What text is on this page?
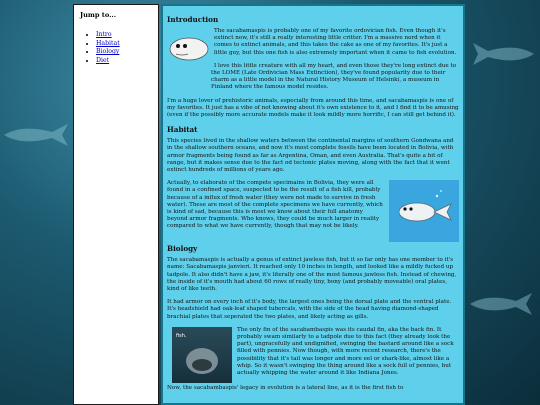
Jump to...
• Intro
• Habitat
• Biology
• Diet
Introduction

The sacabamaspis is probably one of my favorite ordovician fish. Even though it's extinct now, it's still a really interesting little critter. I'm a massive nerd when it comes to extinct animals, and this takes the cake as one of my favorites. It's just a little guy, but this one fish is also extremely important when it came to fish evolution.

I love this little creature with all my heart, and even those they're long extinct due to the LOME (Late Ordivician Mass Extinction), they've found popularity due to their charm as a little model in the Natural History Museum of Helsinki, a museum in Finland where the famous model resides.

I'm a huge lover of prehistoric animals, especially from around this time, and sacabamaspis is one of my favorites. It just has a vibe of not knowing about it's own existence to it, and I find it to be amusing (even if the possibly more accurate models make it look mildly more horrific, I can still get behind it).

Habitat

This species lived in the shallow waters between the continental margins of southern Gondwana and in the shallow southern oceans, and now it's most complete fossils have been located in Bolivia, with armor fragments being found as far as Argentina, Oman, and even Australia. That's quite a bit of range, but it makes sense due to the fact od tectonic plates moving, along with the fact that it went extinct hundreds of millions of years ago.

Actually, to elaborate of the compete specimains in Bolivia, they were all found in a confined space, suspected to be the result of a fish kill, probably because of a influx of fresh water (they were not made to survive in fresh water). These are most of the complete specimens we have currently, which is kind of sad, because this is most we know about their full anatomy beyond armor fragments. Who knows, they could be much larger in reality compared to what we have currently, though that may not be likely.

Biology

The sacabamaspis is actually a genus of extinct jawless fish, but it so far only has one member to it's name: Sacabamaspis janvieri. It reached only 10 inches in length, and looked like a mildly fucked up tadpole. It also didn't have a jaw, it's literally one of the most famous jawless fish. Instead of chewing, the inside of it's mouth had about 60 rows of really tiny, bony (and probably moveable) oral plates, kind of like teeth.

It had armor on every inch of it's body, the largest ones being the dorsal plate and the ventral plate. It's headshield had oak-leaf shaped tubercals, with the side of the head having diamond-shaped brachial plates that seperated the two plates, and likely acting as gills.

fish.

The only fin of the sacabambaspis was its caudal fin, aka the back fin. It probably swam similarly to a tadpole due to this fact (they already look the part), ungracefully and undignified, swinging the bastard around like a sock filled with pennies. Now though, with more recent research, there's the possibility that it's tail was longer and more eel or shark-like, almost like a whip. So it wasn't swinging the thing around like a sock full of pennies, but actually whipping the water around it like Indiana Jones.

Now, the sacabambaspis' legacy in evolution is a lateral line, as it is the first fish to
